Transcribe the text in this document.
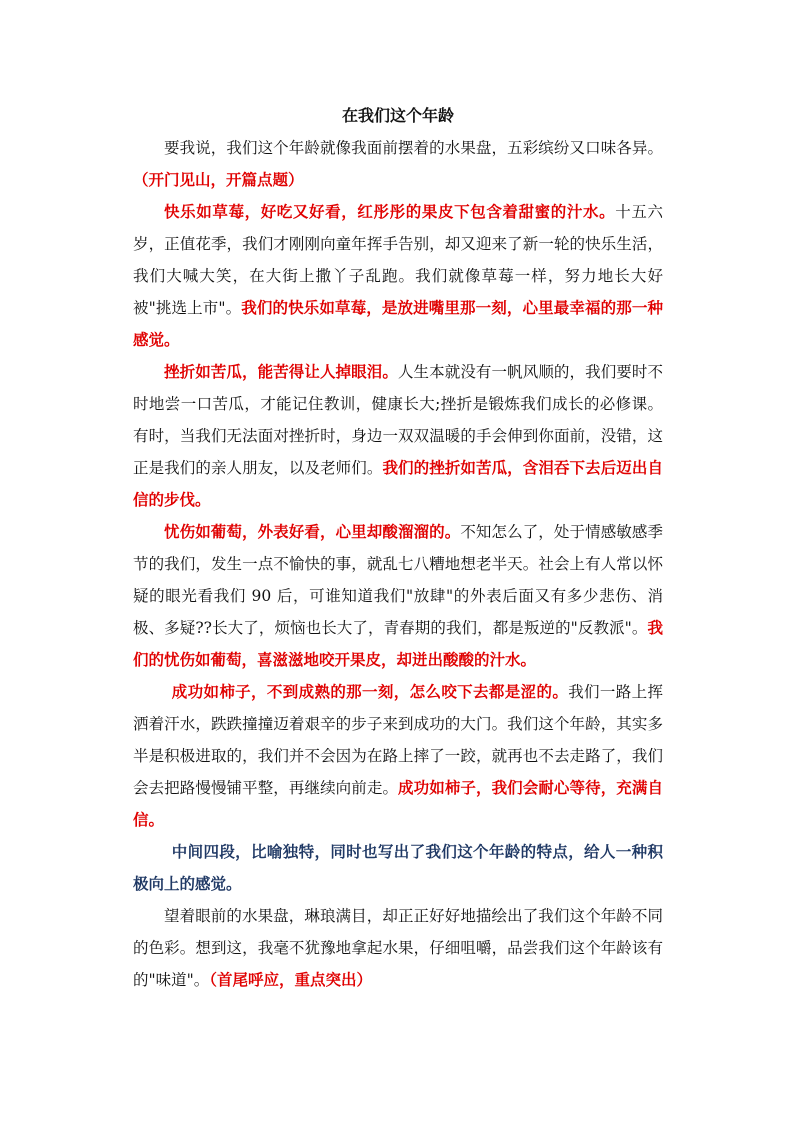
在我们这个年龄

要我说，我们这个年龄就像我面前摆着的水果盘，五彩缤纷又口味各异。（开门见山，开篇点题）

快乐如草莓，好吃又好看，红彤彤的果皮下包含着甜蜜的汁水。十五六岁，正值花季，我们才刚刚向童年挥手告别，却又迎来了新一轮的快乐生活，我们大喊大笑，在大街上撒丫子乱跑。我们就像草莓一样，努力地长大好被"挑选上市"。我们的快乐如草莓，是放进嘴里那一刻，心里最幸福的那一种感觉。

挫折如苦瓜，能苦得让人掉眼泪。人生本就没有一帆风顺的，我们要时不时地尝一口苦瓜，才能记住教训，健康长大;挫折是锻炼我们成长的必修课。有时，当我们无法面对挫折时，身边一双双温暖的手会伸到你面前，没错，这正是我们的亲人朋友，以及老师们。我们的挫折如苦瓜，含泪吞下去后迈出自信的步伐。

忧伤如葡萄，外表好看，心里却酸溜溜的。不知怎么了，处于情感敏感季节的我们，发生一点不愉快的事，就乱七八糟地想老半天。社会上有人常以怀疑的眼光看我们 90 后，可谁知道我们"放肆"的外表后面又有多少悲伤、消极、多疑??长大了，烦恼也长大了，青春期的我们，都是叛逆的"反教派"。我们的忧伤如葡萄，喜滋滋地咬开果皮，却迸出酸酸的汁水。

成功如柿子，不到成熟的那一刻，怎么咬下去都是涩的。我们一路上挥洒着汗水，跌跌撞撞迈着艰辛的步子来到成功的大门。我们这个年龄，其实多半是积极进取的，我们并不会因为在路上摔了一跤，就再也不去走路了，我们会去把路慢慢铺平整，再继续向前走。成功如柿子，我们会耐心等待，充满自信。

中间四段，比喻独特，同时也写出了我们这个年龄的特点，给人一种积极向上的感觉。

望着眼前的水果盘，琳琅满目，却正正好好地描绘出了我们这个年龄不同的色彩。想到这，我毫不犹豫地拿起水果，仔细咀嚼，品尝我们这个年龄该有的"味道"。（首尾呼应，重点突出）
